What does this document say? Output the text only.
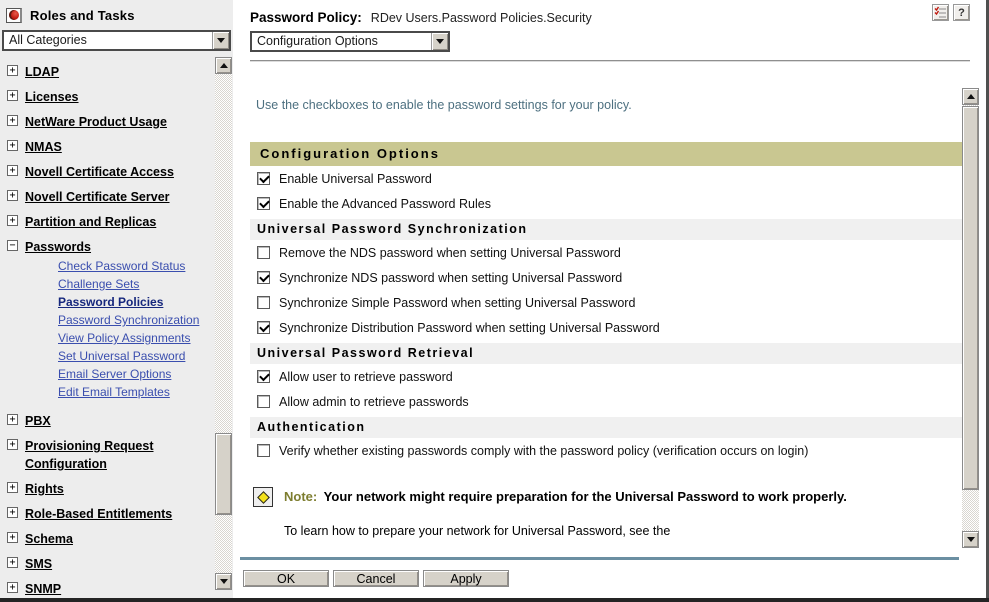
Roles and Tasks
All Categories
+ LDAP
+ Licenses
+ NetWare Product Usage
+ NMAS
+ Novell Certificate Access
+ Novell Certificate Server
+ Partition and Replicas
− Passwords
Check Password Status
Challenge Sets
Password Policies
Password Synchronization
View Policy Assignments
Set Universal Password
Email Server Options
Edit Email Templates
+ PBX
+ Provisioning Request Configuration
+ Rights
+ Role-Based Entitlements
+ Schema
+ SMS
+ SNMP
Password Policy: RDev Users.Password Policies.Security	?
Configuration Options
Use the checkboxes to enable the password settings for your policy.
Configuration Options
Enable Universal Password
Enable the Advanced Password Rules
Universal Password Synchronization
Remove the NDS password when setting Universal Password
Synchronize NDS password when setting Universal Password
Synchronize Simple Password when setting Universal Password
Synchronize Distribution Password when setting Universal Password
Universal Password Retrieval
Allow user to retrieve password
Allow admin to retrieve passwords
Authentication
Verify whether existing passwords comply with the password policy (verification occurs on login)
Note: Your network might require preparation for the Universal Password to work properly.
To learn how to prepare your network for Universal Password, see the
OK	Cancel	Apply
